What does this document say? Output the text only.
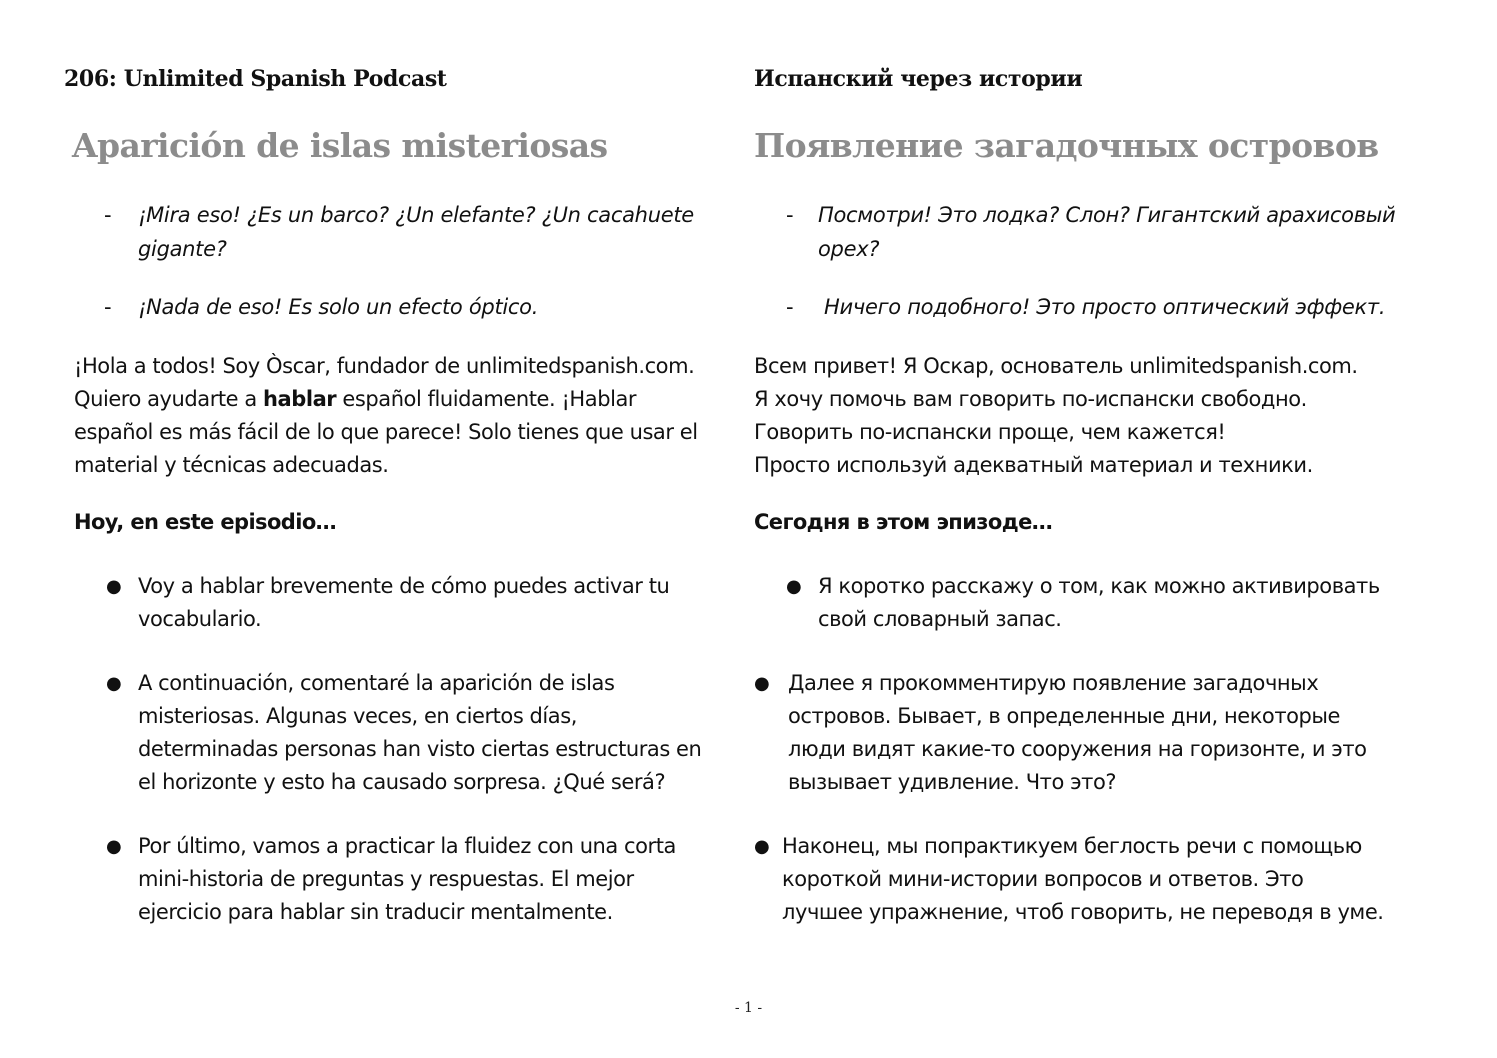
206: Unlimited Spanish Podcast
Aparición de islas misteriosas
- ¡Mira eso! ¿Es un barco? ¿Un elefante? ¿Un cacahuete
gigante?
- ¡Nada de eso! Es solo un efecto óptico.
¡Hola a todos! Soy Òscar, fundador de unlimitedspanish.com.
Quiero ayudarte a hablar español fluidamente. ¡Hablar
español es más fácil de lo que parece! Solo tienes que usar el
material y técnicas adecuadas.
Hoy, en este episodio…
● Voy a hablar brevemente de cómo puedes activar tu
vocabulario.
● A continuación, comentaré la aparición de islas
misteriosas. Algunas veces, en ciertos días,
determinadas personas han visto ciertas estructuras en
el horizonte y esto ha causado sorpresa. ¿Qué será?
● Por último, vamos a practicar la fluidez con una corta
mini-historia de preguntas y respuestas. El mejor
ejercicio para hablar sin traducir mentalmente.
Испанский через истории
Появление загадочных островов
- Посмотри! Это лодка? Слон? Гигантский арахисовый
орех?
- Ничего подобного! Это просто оптический эффект.
Всем привет! Я Оскар, основатель unlimitedspanish.com.
Я хочу помочь вам говорить по-испански свободно.
Говорить по-испански проще, чем кажется!
Просто используй адекватный материал и техники.
Сегодня в этом эпизоде…
● Я коротко расскажу о том, как можно активировать
свой словарный запас.
● Далее я прокомментирую появление загадочных
островов. Бывает, в определенные дни, некоторые
люди видят какие-то сооружения на горизонте, и это
вызывает удивление. Что это?
● Наконец, мы попрактикуем беглость речи с помощью
короткой мини-истории вопросов и ответов. Это
лучшее упражнение, чтоб говорить, не переводя в уме.
- 1 -
